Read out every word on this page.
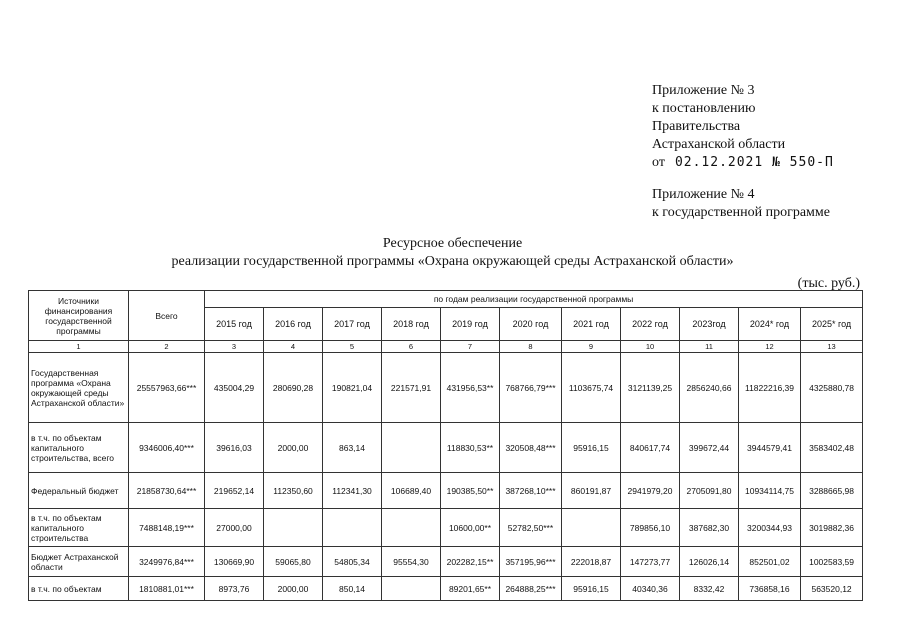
Приложение № 3
к постановлению
Правительства
Астраханской области
от 02.12.2021 № 550-П
Приложение № 4
к государственной программе
Ресурсное обеспечение
реализации государственной программы «Охрана окружающей среды Астраханской области»
(тыс. руб.)
Источники финансирования государственной программы	Всего	по годам реализации государственной программы										
		2015 год	2016 год	2017 год	2018 год	2019 год	2020 год	2021 год	2022 год	2023год	2024* год	2025* год
1	2	3	4	5	6	7	8	9	10	11	12	13
Государственная программа «Охрана окружающей среды Астраханской области»	25557963,66***	435004,29	280690,28	190821,04	221571,91	431956,53**	768766,79***	1103675,74	3121139,25	2856240,66	11822216,39	4325880,78
в т.ч. по объектам капитального строительства, всего	9346006,40***	39616,03	2000,00	863,14		118830,53**	320508,48***	95916,15	840617,74	399672,44	3944579,41	3583402,48
Федеральный бюджет	21858730,64***	219652,14	112350,60	112341,30	106689,40	190385,50**	387268,10***	860191,87	2941979,20	2705091,80	10934114,75	3288665,98
в т.ч. по объектам капитального строительства	7488148,19***	27000,00				10600,00**	52782,50***		789856,10	387682,30	3200344,93	3019882,36
Бюджет Астраханской области	3249976,84***	130669,90	59065,80	54805,34	95554,30	202282,15**	357195,96***	222018,87	147273,77	126026,14	852501,02	1002583,59
в т.ч. по объектам	1810881,01***	8973,76	2000,00	850,14		89201,65**	264888,25***	95916,15	40340,36	8332,42	736858,16	563520,12
